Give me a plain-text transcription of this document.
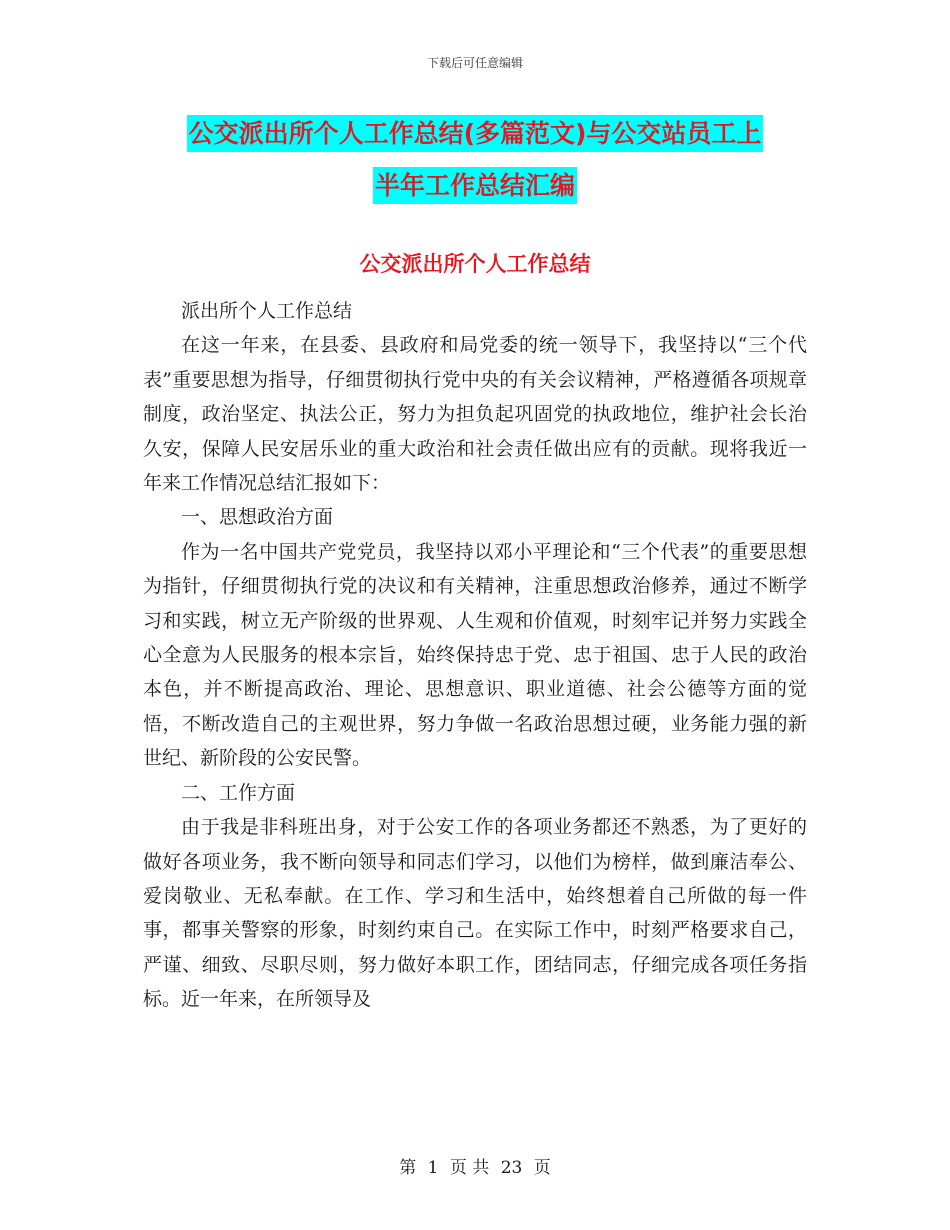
下载后可任意编辑
公交派出所个人工作总结(多篇范文)与公交站员工上
半年工作总结汇编
公交派出所个人工作总结

派出所个人工作总结

在这一年来，在县委、县政府和局党委的统一领导下，我坚持以“三个代表”重要思想为指导，仔细贯彻执行党中央的有关会议精神，严格遵循各项规章制度，政治坚定、执法公正，努力为担负起巩固党的执政地位，维护社会长治久安，保障人民安居乐业的重大政治和社会责任做出应有的贡献。现将我近一年来工作情况总结汇报如下：

一、思想政治方面

作为一名中国共产党党员，我坚持以邓小平理论和“三个代表”的重要思想为指针，仔细贯彻执行党的决议和有关精神，注重思想政治修养，通过不断学习和实践，树立无产阶级的世界观、人生观和价值观，时刻牢记并努力实践全心全意为人民服务的根本宗旨，始终保持忠于党、忠于祖国、忠于人民的政治本色，并不断提高政治、理论、思想意识、职业道德、社会公德等方面的觉悟，不断改造自己的主观世界，努力争做一名政治思想过硬，业务能力强的新世纪、新阶段的公安民警。

二、工作方面

由于我是非科班出身，对于公安工作的各项业务都还不熟悉，为了更好的做好各项业务，我不断向领导和同志们学习，以他们为榜样，做到廉洁奉公、爱岗敬业、无私奉献。在工作、学习和生活中，始终想着自己所做的每一件事，都事关警察的形象，时刻约束自己。在实际工作中，时刻严格要求自己，严谨、细致、尽职尽则，努力做好本职工作，团结同志，仔细完成各项任务指标。近一年来，在所领导及

第 1 页 共 23 页
